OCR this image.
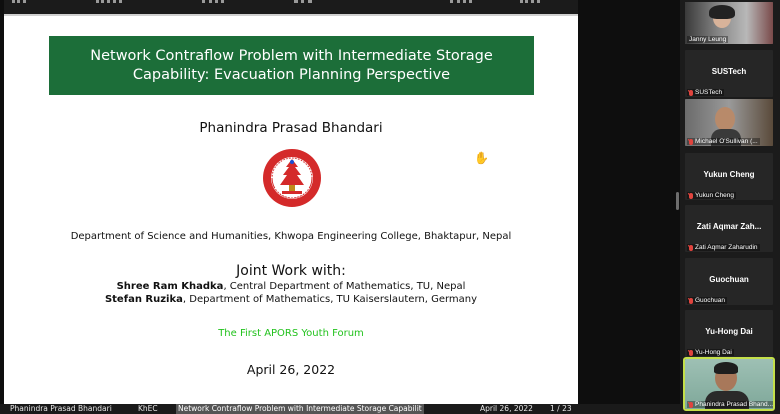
Network Contraflow Problem with Intermediate Storage Capability: Evacuation Planning Perspective
Phanindra Prasad Bhandari
Department of Science and Humanities, Khwopa Engineering College, Bhaktapur, Nepal
Joint Work with:
Shree Ram Khadka, Central Department of Mathematics, TU, Nepal
Stefan Ruzika, Department of Mathematics, TU Kaiserslautern, Germany
The First APORS Youth Forum
April 26, 2022
✋
Phanindra Prasad Bhandari	KhEC	Network Contraflow Problem with Intermediate Storage Capabilit	April 26, 2022 1 / 23
Janny Leung
SUSTech
SUSTech
Michael O'Sullivan (...
Yukun Cheng
Yukun Cheng
Zati Aqmar Zah...
Zati Aqmar Zaharudin
Guochuan
Guochuan
Yu-Hong Dai
Yu-Hong Dai
Phanindra Prasad Bhand...
